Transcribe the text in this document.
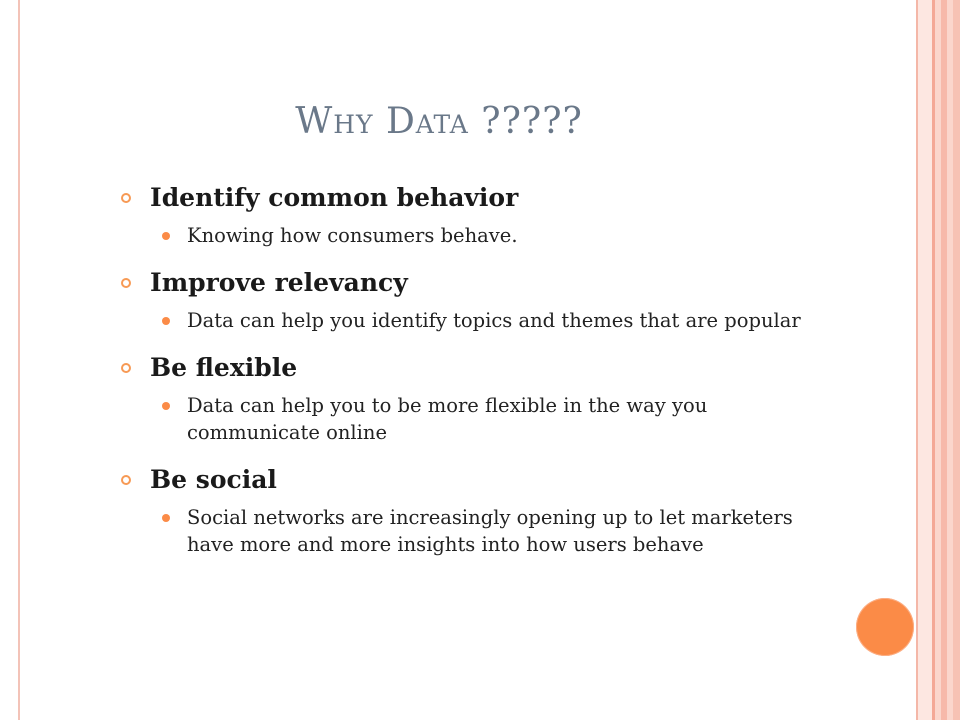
Why Data ?????
Identify common behavior
Knowing how consumers behave.
Improve relevancy
Data can help you identify topics and themes that are popular
Be flexible
Data can help you to be more flexible in the way you communicate online
Be social
Social networks are increasingly opening up to let marketers have more and more insights into how users behave
